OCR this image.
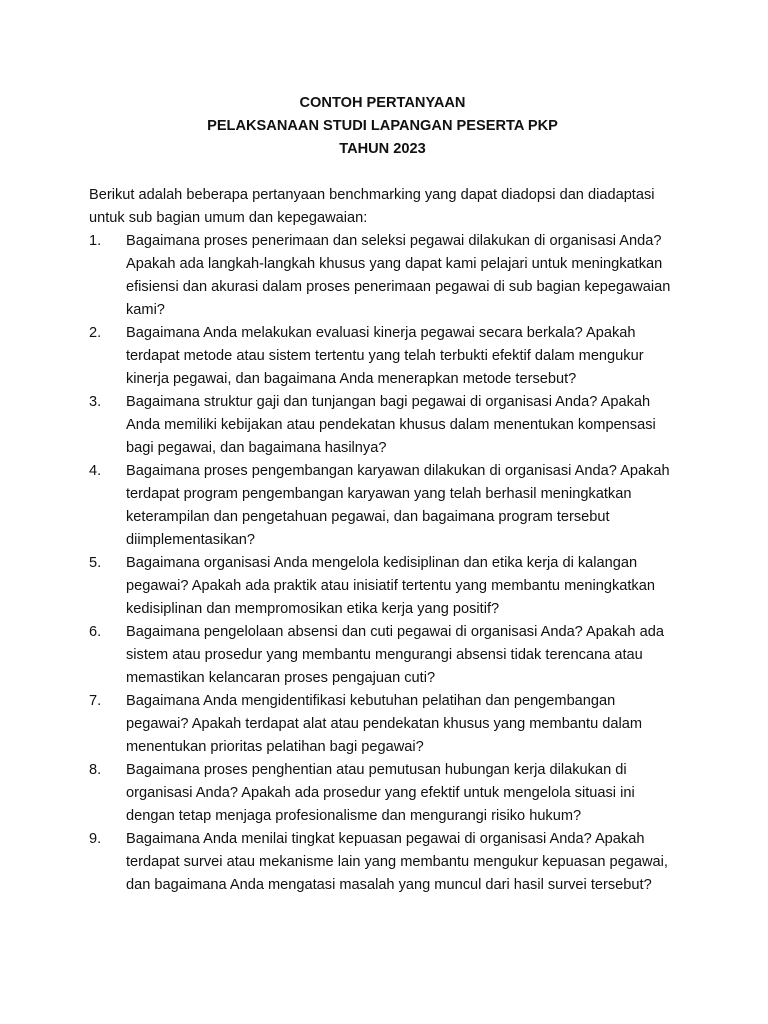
CONTOH PERTANYAAN
PELAKSANAAN STUDI LAPANGAN PESERTA PKP
TAHUN 2023
Berikut adalah beberapa pertanyaan benchmarking yang dapat diadopsi dan diadaptasi untuk sub bagian umum dan kepegawaian:
1.	Bagaimana proses penerimaan dan seleksi pegawai dilakukan di organisasi Anda? Apakah ada langkah-langkah khusus yang dapat kami pelajari untuk meningkatkan efisiensi dan akurasi dalam proses penerimaan pegawai di sub bagian kepegawaian kami?
2.	Bagaimana Anda melakukan evaluasi kinerja pegawai secara berkala? Apakah terdapat metode atau sistem tertentu yang telah terbukti efektif dalam mengukur kinerja pegawai, dan bagaimana Anda menerapkan metode tersebut?
3.	Bagaimana struktur gaji dan tunjangan bagi pegawai di organisasi Anda? Apakah Anda memiliki kebijakan atau pendekatan khusus dalam menentukan kompensasi bagi pegawai, dan bagaimana hasilnya?
4.	Bagaimana proses pengembangan karyawan dilakukan di organisasi Anda? Apakah terdapat program pengembangan karyawan yang telah berhasil meningkatkan keterampilan dan pengetahuan pegawai, dan bagaimana program tersebut diimplementasikan?
5.	Bagaimana organisasi Anda mengelola kedisiplinan dan etika kerja di kalangan pegawai? Apakah ada praktik atau inisiatif tertentu yang membantu meningkatkan kedisiplinan dan mempromosikan etika kerja yang positif?
6.	Bagaimana pengelolaan absensi dan cuti pegawai di organisasi Anda? Apakah ada sistem atau prosedur yang membantu mengurangi absensi tidak terencana atau memastikan kelancaran proses pengajuan cuti?
7.	Bagaimana Anda mengidentifikasi kebutuhan pelatihan dan pengembangan pegawai? Apakah terdapat alat atau pendekatan khusus yang membantu dalam menentukan prioritas pelatihan bagi pegawai?
8.	Bagaimana proses penghentian atau pemutusan hubungan kerja dilakukan di organisasi Anda? Apakah ada prosedur yang efektif untuk mengelola situasi ini dengan tetap menjaga profesionalisme dan mengurangi risiko hukum?
9.	Bagaimana Anda menilai tingkat kepuasan pegawai di organisasi Anda? Apakah terdapat survei atau mekanisme lain yang membantu mengukur kepuasan pegawai, dan bagaimana Anda mengatasi masalah yang muncul dari hasil survei tersebut?
